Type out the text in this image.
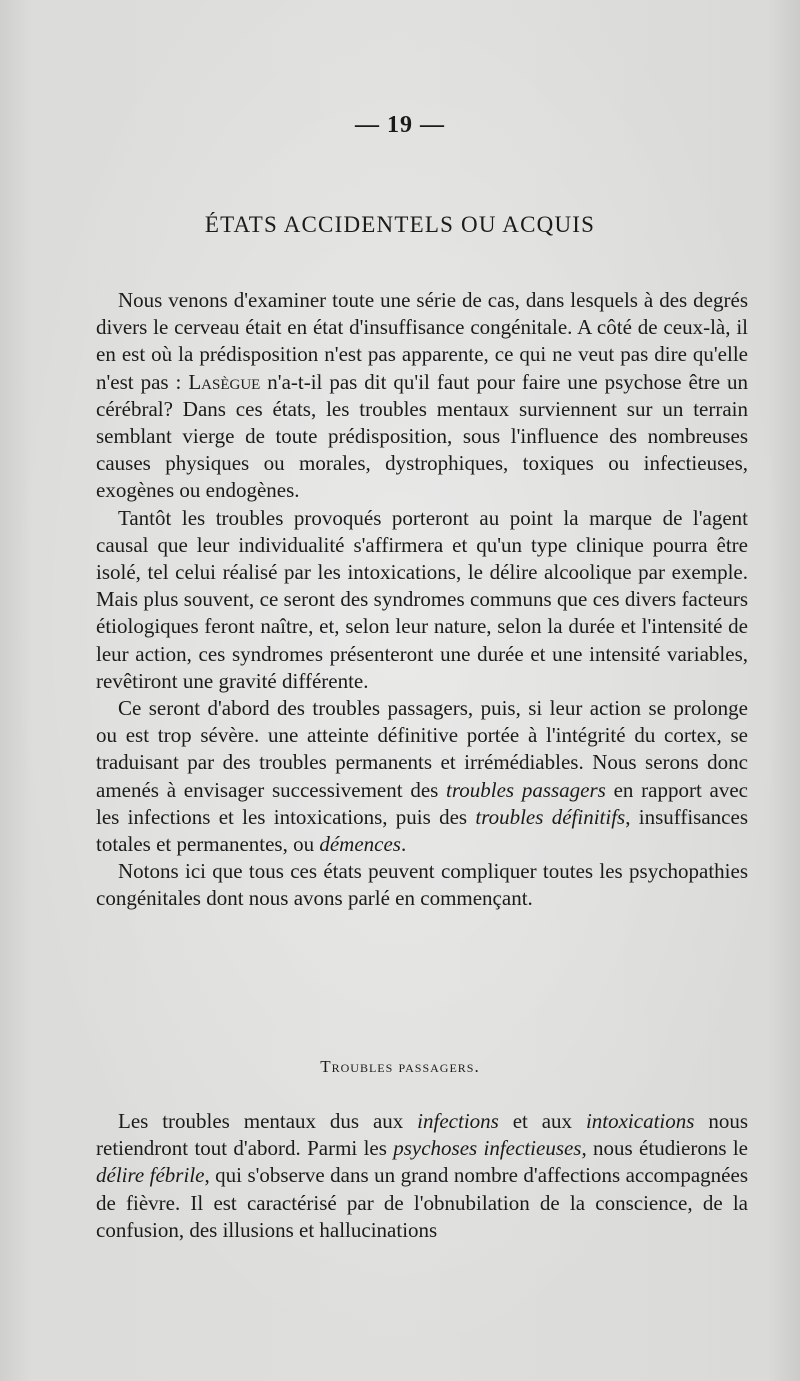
— 19 —
ÉTATS ACCIDENTELS OU ACQUIS

Nous venons d'examiner toute une série de cas, dans lesquels à des degrés divers le cerveau était en état d'insuffisance congénitale. A côté de ceux-là, il en est où la prédisposition n'est pas apparente, ce qui ne veut pas dire qu'elle n'est pas : Lasègue n'a-t-il pas dit qu'il faut pour faire une psychose être un cérébral? Dans ces états, les troubles mentaux surviennent sur un terrain semblant vierge de toute prédisposition, sous l'influence des nombreuses causes physiques ou morales, dystrophiques, toxiques ou infectieuses, exogènes ou endogènes.

Tantôt les troubles provoqués porteront au point la marque de l'agent causal que leur individualité s'affirmera et qu'un type clinique pourra être isolé, tel celui réalisé par les intoxications, le délire alcoolique par exemple. Mais plus souvent, ce seront des syndromes communs que ces divers facteurs étiologiques feront naître, et, selon leur nature, selon la durée et l'intensité de leur action, ces syndromes présenteront une durée et une intensité variables, revêtiront une gravité différente.

Ce seront d'abord des troubles passagers, puis, si leur action se prolonge ou est trop sévère. une atteinte définitive portée à l'intégrité du cortex, se traduisant par des troubles permanents et irrémédiables. Nous serons donc amenés à envisager successivement des troubles passagers en rapport avec les infections et les intoxications, puis des troubles définitifs, insuffisances totales et permanentes, ou démences.

Notons ici que tous ces états peuvent compliquer toutes les psychopathies congénitales dont nous avons parlé en commençant.

Troubles passagers.

Les troubles mentaux dus aux infections et aux intoxications nous retiendront tout d'abord. Parmi les psychoses infectieuses, nous étudierons le délire fébrile, qui s'observe dans un grand nombre d'affections accompagnées de fièvre. Il est caractérisé par de l'obnubilation de la conscience, de la confusion, des illusions et hallucinations
